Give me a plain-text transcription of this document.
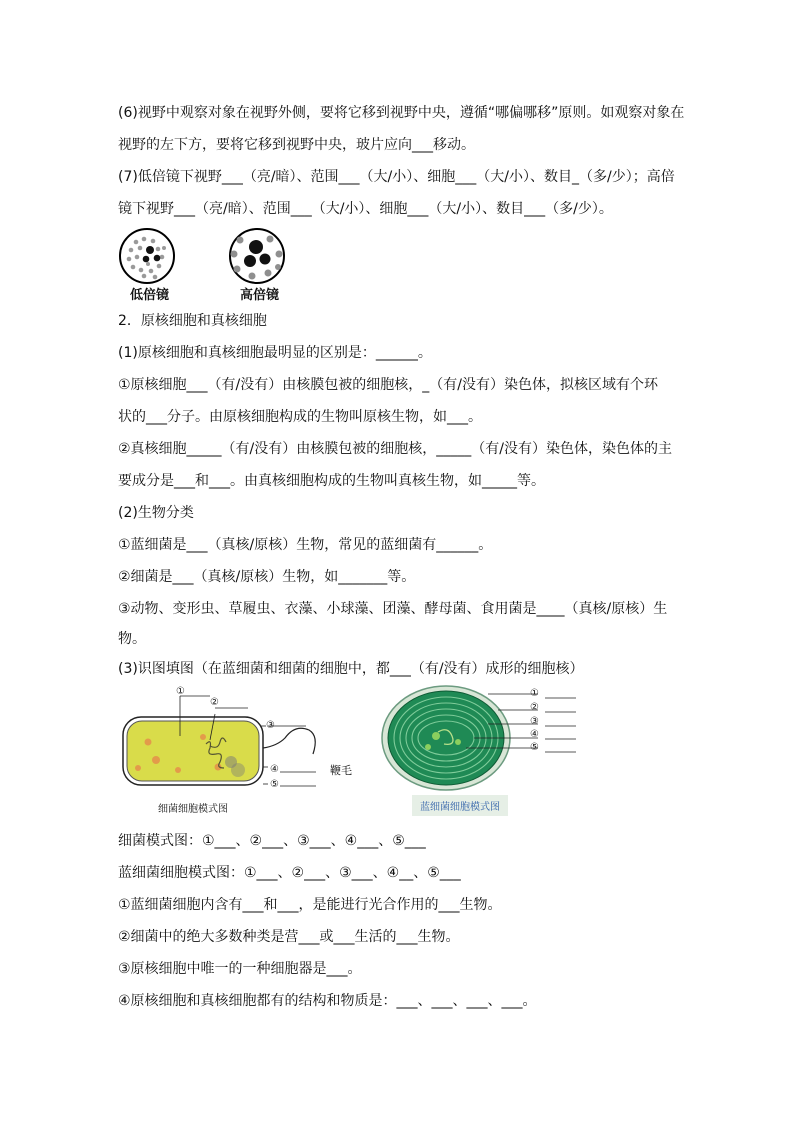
(6)视野中观察对象在视野外侧，要将它移到视野中央，遵循“哪偏哪移”原则。如观察对象在
视野的左下方，要将它移到视野中央，玻片应向___移动。
(7)低倍镜下视野___（亮/暗）、范围___（大/小）、细胞___（大/小）、数目_（多/少）；高倍
镜下视野___（亮/暗）、范围___（大/小）、细胞___（大/小）、数目___（多/少）。
低倍镜	高倍镜
2．原核细胞和真核细胞
(1)原核细胞和真核细胞最明显的区别是：______。
①原核细胞___（有/没有）由核膜包被的细胞核，_（有/没有）染色体，拟核区域有个环
状的___分子。由原核细胞构成的生物叫原核生物，如___。
②真核细胞_____（有/没有）由核膜包被的细胞核，_____（有/没有）染色体，染色体的主
要成分是___和___。由真核细胞构成的生物叫真核生物，如_____等。
(2)生物分类
①蓝细菌是___（真核/原核）生物，常见的蓝细菌有______。
②细菌是___（真核/原核）生物，如_______等。
③动物、变形虫、草履虫、衣藻、小球藻、团藻、酵母菌、食用菌是____（真核/原核）生
物。
(3)识图填图（在蓝细菌和细菌的细胞中，都___（有/没有）成形的细胞核）
①
②
③
④
⑤
鞭毛
细菌细胞模式图
①
②
③
④
⑤
蓝细菌细胞模式图
细菌模式图：①___、②___、③___、④___、⑤___
蓝细菌细胞模式图：①___、②___、③___、④__、⑤___
①蓝细菌细胞内含有___和___，是能进行光合作用的___生物。
②细菌中的绝大多数种类是营___或___生活的___生物。
③原核细胞中唯一的一种细胞器是___。
④原核细胞和真核细胞都有的结构和物质是：___、___、___、___。
